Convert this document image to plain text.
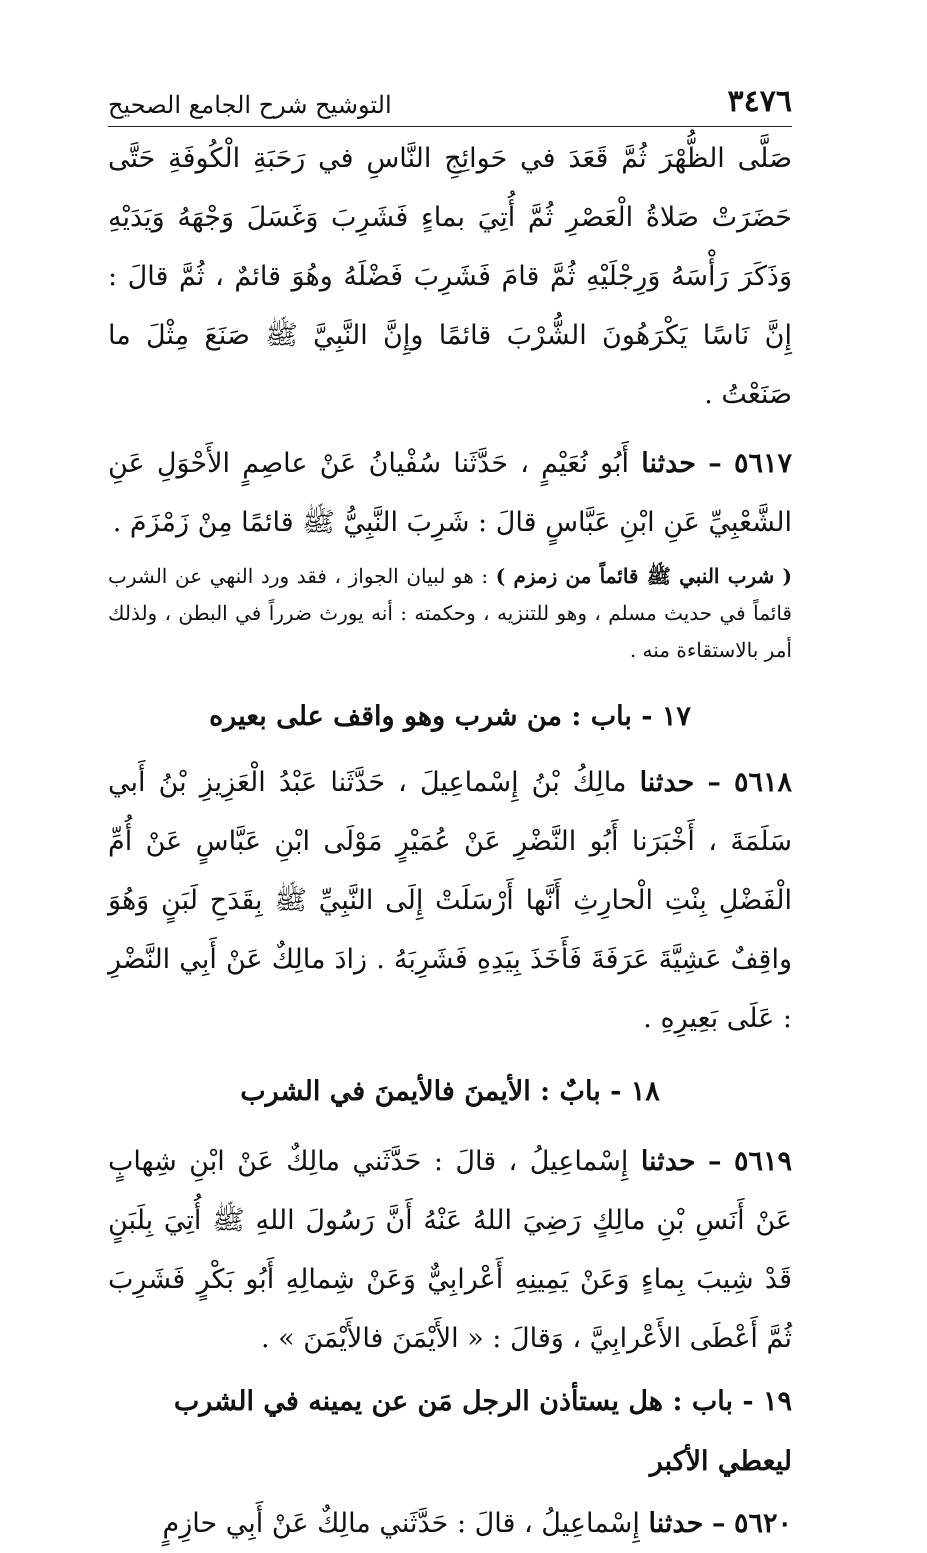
٣٤٧٦
التوشيح شرح الجامع الصحيح

صَلَّى الظُّهْرَ ثُمَّ قَعَدَ في حَوائِجِ النَّاسِ في رَحَبَةِ الْكُوفَةِ حَتَّى حَضَرَتْ صَلاةُ الْعَصْرِ ثُمَّ أُتِيَ بماءٍ فَشَرِبَ وَغَسَلَ وَجْهَهُ وَيَدَيْهِ وَذَكَرَ رَأْسَهُ وَرِجْلَيْهِ ثُمَّ قامَ فَشَرِبَ فَضْلَهُ وهُوَ قائمٌ ، ثُمَّ قالَ : إِنَّ نَاسًا يَكْرَهُونَ الشُّرْبَ قائمًا وإِنَّ النَّبِيَّ ﷺ صَنَعَ مِثْلَ ما صَنَعْتُ .

٥٦١٧ – حدثنا أَبُو نُعَيْمٍ ، حَدَّثَنا سُفْيانُ عَنْ عاصِمٍ الأَحْوَلِ عَنِ الشَّعْبِيِّ عَنِ ابْنِ عَبَّاسٍ قالَ : شَرِبَ النَّبِيُّ ﷺ قائمًا مِنْ زَمْزَمَ .

( شرب النبي ﷺ قائماً من زمزم ) : هو لبيان الجواز ، فقد ورد النهي عن الشرب قائماً في حديث مسلم ، وهو للتنزيه ، وحكمته : أنه يورث ضرراً في البطن ، ولذلك أمر بالاستقاءة منه .

١٧ - باب : من شرب وهو واقف على بعيره

٥٦١٨ – حدثنا مالِكُ بْنُ إِسْماعِيلَ ، حَدَّثَنا عَبْدُ الْعَزِيزِ بْنُ أَبي سَلَمَةَ ، أَخْبَرَنا أَبُو النَّضْرِ عَنْ عُمَيْرٍ مَوْلَى ابْنِ عَبَّاسٍ عَنْ أُمِّ الْفَضْلِ بِنْتِ الْحارِثِ أَنَّها أَرْسَلَتْ إِلَى النَّبِيِّ ﷺ بِقَدَحِ لَبَنٍ وَهُوَ واقِفٌ عَشِيَّةَ عَرَفَةَ فَأَخَذَ بِيَدِهِ فَشَرِبَهُ . زادَ مالِكٌ عَنْ أَبِي النَّضْرِ : عَلَى بَعِيرِهِ .

١٨ - بابٌ : الأيمنَ فالأيمنَ في الشرب

٥٦١٩ – حدثنا إِسْماعِيلُ ، قالَ : حَدَّثَني مالِكٌ عَنْ ابْنِ شِهابٍ عَنْ أَنَسِ بْنِ مالِكٍ رَضِيَ اللهُ عَنْهُ أَنَّ رَسُولَ اللهِ ﷺ أُتِيَ بِلَبَنٍ قَدْ شِيبَ بِماءٍ وَعَنْ يَمِينِهِ أَعْرابِيٌّ وَعَنْ شِمالِهِ أَبُو بَكْرٍ فَشَرِبَ ثُمَّ أَعْطَى الأَعْرابِيَّ ، وَقالَ : « الأَيْمَنَ فالأَيْمَنَ » .

١٩ - باب : هل يستأذن الرجل مَن عن يمينه في الشرب ليعطي الأكبر

٥٦٢٠ – حدثنا إِسْماعِيلُ ، قالَ : حَدَّثَني مالِكٌ عَنْ أَبِي حازِمٍ
